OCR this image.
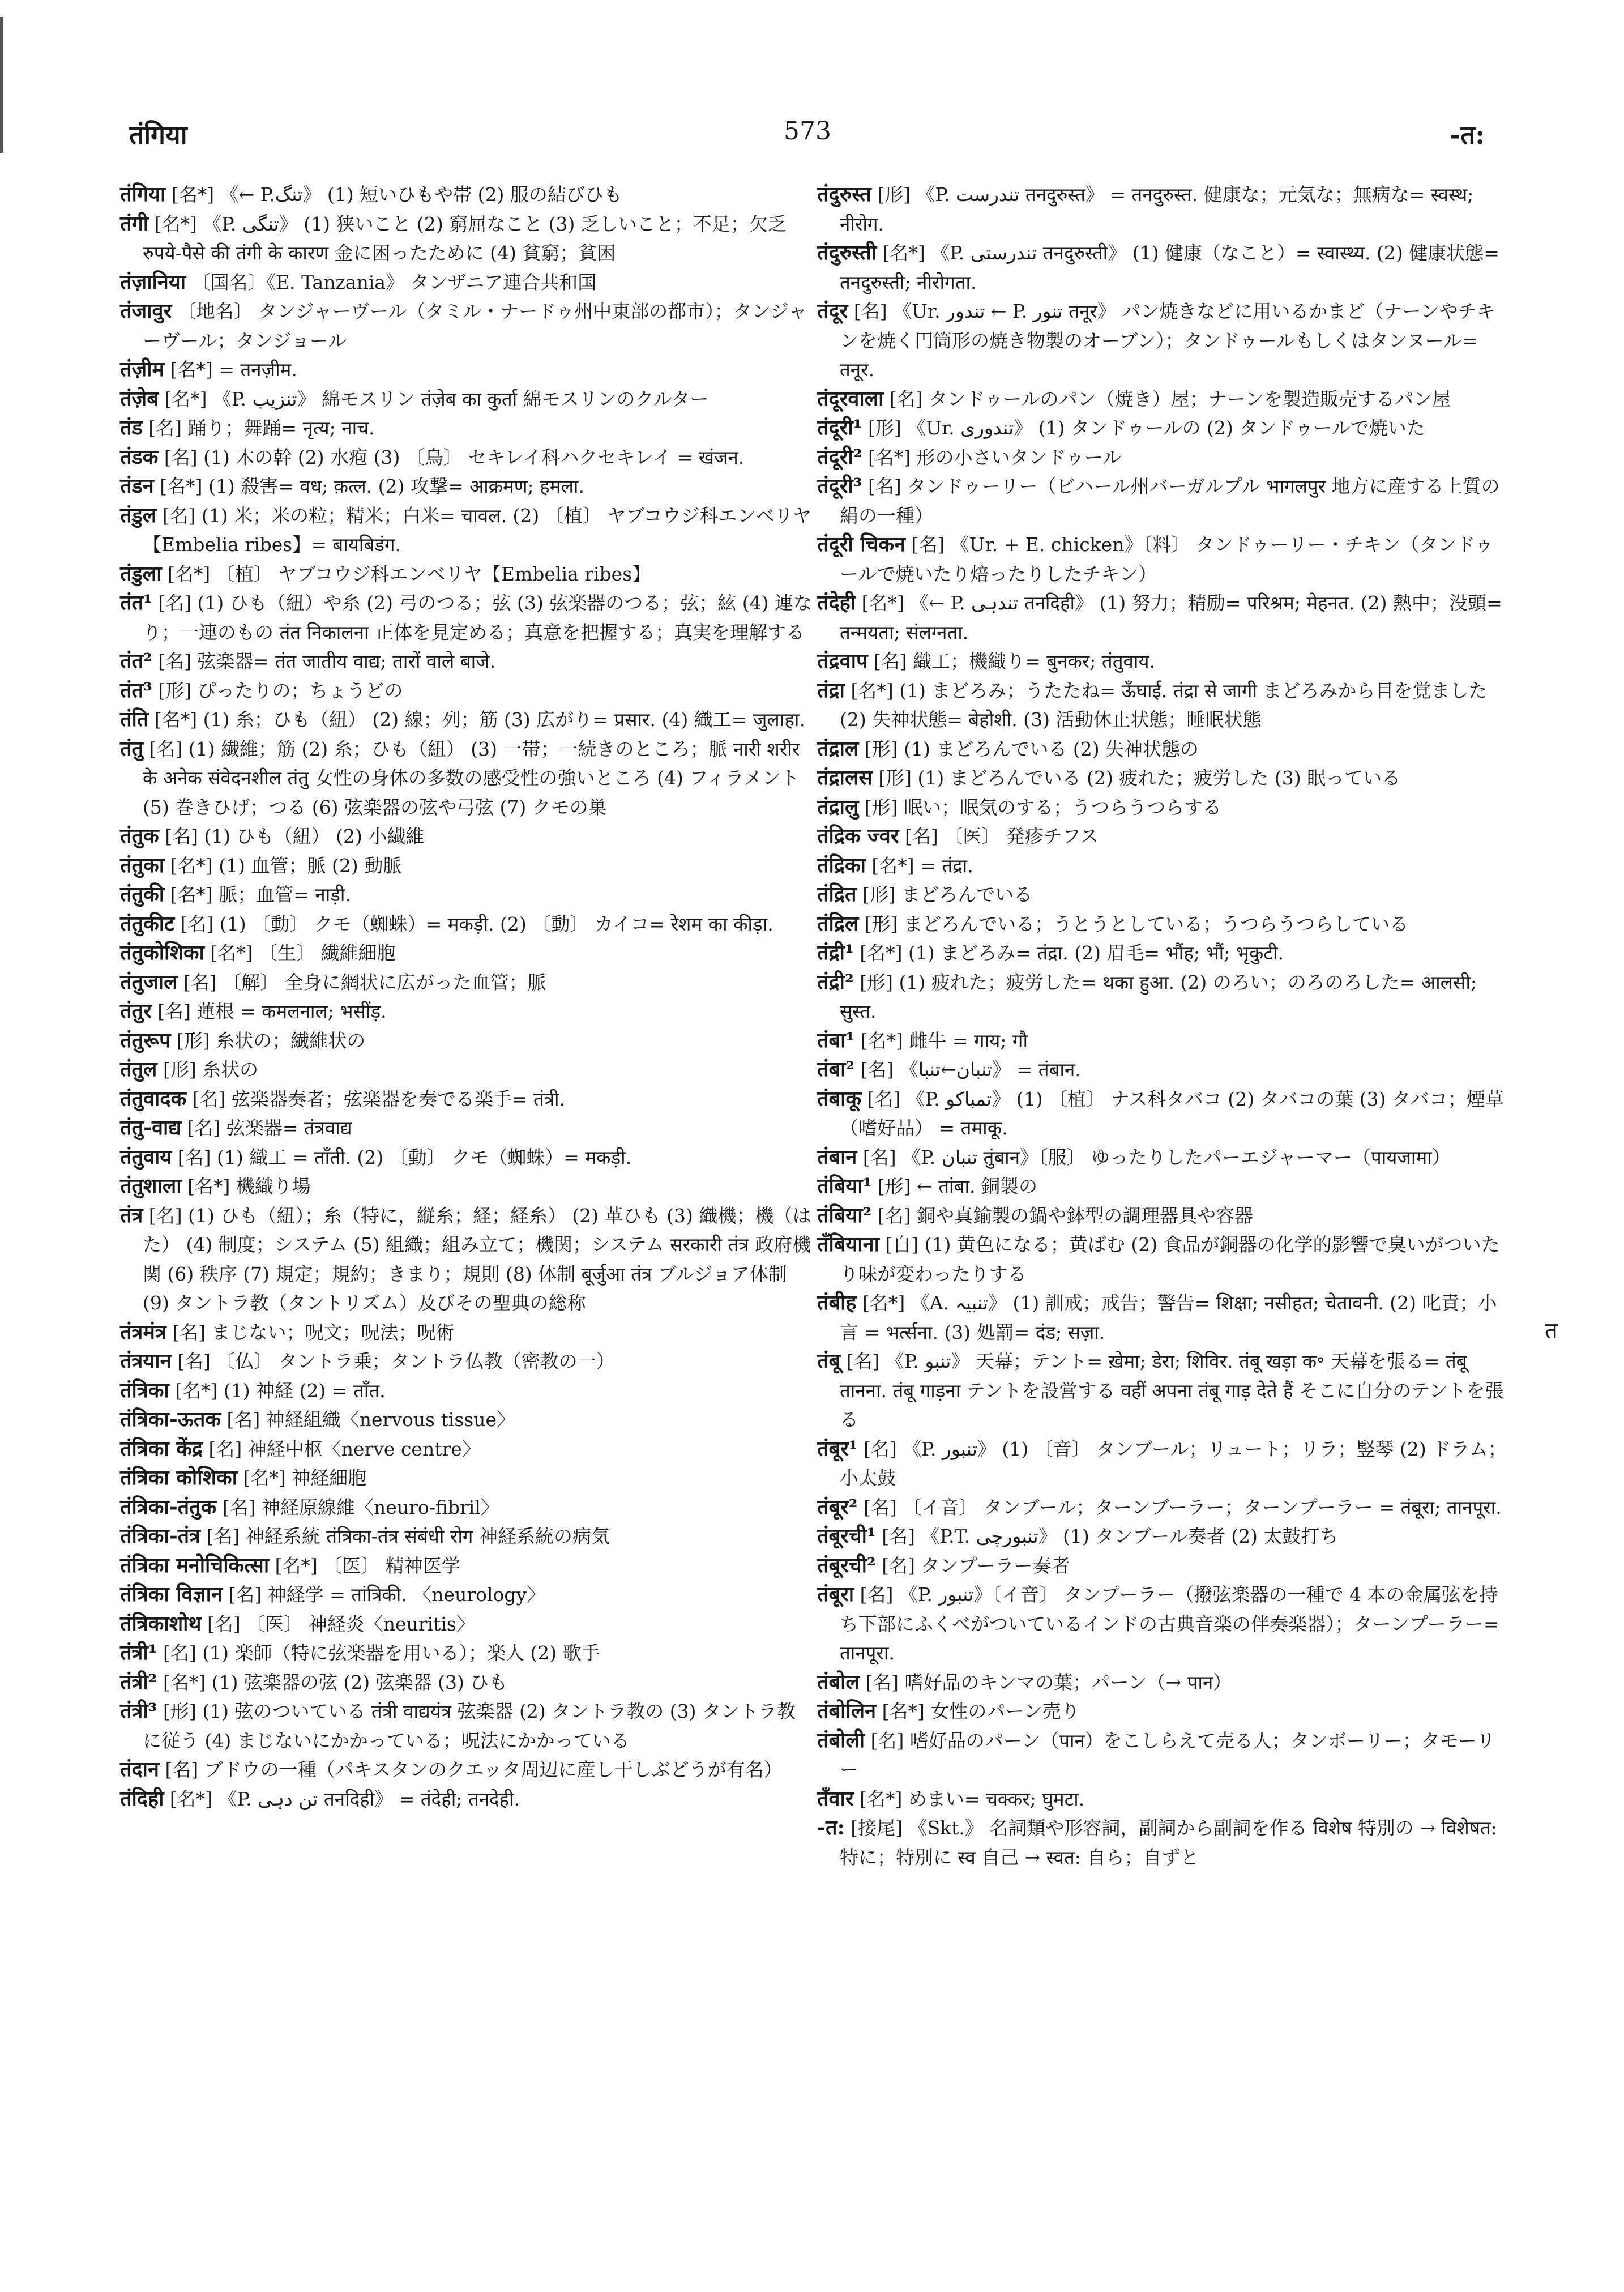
तंगिया	573	-त:

तंगिया [名*] 《← P.تنگ》 (1) 短いひもや帯 (2) 服の結びひも

तंगी [名*] 《P. تنگی》 (1) 狭いこと (2) 窮屈なこと (3) 乏しいこと；不足；欠乏 रुपये-पैसे की तंगी के कारण 金に困ったために (4) 貧窮；貧困

तंज़ानिया 〔国名〕《E. Tanzania》 タンザニア連合共和国

तंजावुर 〔地名〕 タンジャーヴール（タミル・ナードゥ州中東部の都市）；タンジャーヴール；タンジョール

तंज़ीम [名*] = तनज़ीम.

तंज़ेब [名*] 《P. تنزیب》 綿モスリン तंज़ेब का कुर्ता 綿モスリンのクルター

तंड [名] 踊り；舞踊= नृत्य; नाच.

तंडक [名] (1) 木の幹 (2) 水疱 (3) 〔鳥〕 セキレイ科ハクセキレイ = खंजन.

तंडन [名*] (1) 殺害= वध; क़त्ल. (2) 攻撃= आक्रमण; हमला.

तंडुल [名] (1) 米；米の粒；精米；白米= चावल. (2) 〔植〕 ヤブコウジ科エンベリヤ【Embelia ribes】= बायबिडंग.

तंडुला [名*] 〔植〕 ヤブコウジ科エンベリヤ【Embelia ribes】

तंत¹ [名] (1) ひも（紐）や糸 (2) 弓のつる；弦 (3) 弦楽器のつる；弦；絃 (4) 連なり；一連のもの तंत निकालना 正体を見定める；真意を把握する；真実を理解する

तंत² [名] 弦楽器= तंत जातीय वाद्य; तारों वाले बाजे.

तंत³ [形] ぴったりの；ちょうどの

तंति [名*] (1) 糸；ひも（紐） (2) 線；列；筋 (3) 広がり= प्रसार. (4) 織工= जुलाहा.

तंतु [名] (1) 繊維；筋 (2) 糸；ひも（紐） (3) 一帯；一続きのところ；脈 नारी शरीर के अनेक संवेदनशील तंतु 女性の身体の多数の感受性の強いところ (4) フィラメント (5) 巻きひげ；つる (6) 弦楽器の弦や弓弦 (7) クモの巣

तंतुक [名] (1) ひも（紐） (2) 小繊維

तंतुका [名*] (1) 血管；脈 (2) 動脈

तंतुकी [名*] 脈；血管= नाड़ी.

तंतुकीट [名] (1) 〔動〕 クモ（蜘蛛）= मकड़ी. (2) 〔動〕 カイコ= रेशम का कीड़ा.

तंतुकोशिका [名*] 〔生〕 繊維細胞

तंतुजाल [名] 〔解〕 全身に網状に広がった血管；脈

तंतुर [名] 蓮根 = कमलनाल; भसींड़.

तंतुरूप [形] 糸状の；繊維状の

तंतुल [形] 糸状の

तंतुवादक [名] 弦楽器奏者；弦楽器を奏でる楽手= तंत्री.

तंतु-वाद्य [名] 弦楽器= तंत्रवाद्य

तंतुवाय [名] (1) 織工 = ताँती. (2) 〔動〕 クモ（蜘蛛）= मकड़ी.

तंतुशाला [名*] 機織り場

तंत्र [名] (1) ひも（紐）；糸（特に，縦糸；経；経糸） (2) 革ひも (3) 織機；機（はた） (4) 制度；システム (5) 組織；組み立て；機関；システム सरकारी तंत्र 政府機関 (6) 秩序 (7) 規定；規約；きまり；規則 (8) 体制 बूर्जुआ तंत्र ブルジョア体制 (9) タントラ教（タントリズム）及びその聖典の総称

तंत्रमंत्र [名] まじない；呪文；呪法；呪術

तंत्रयान [名] 〔仏〕 タントラ乗；タントラ仏教（密教の一）

तंत्रिका [名*] (1) 神経 (2) = ताँत.

तंत्रिका-ऊतक [名] 神経組織〈nervous tissue〉

तंत्रिका केंद्र [名] 神経中枢〈nerve centre〉

तंत्रिका कोशिका [名*] 神経細胞

तंत्रिका-तंतुक [名] 神経原線維〈neuro-fibril〉

तंत्रिका-तंत्र [名] 神経系統 तंत्रिका-तंत्र संबंधी रोग 神経系統の病気

तंत्रिका मनोचिकित्सा [名*] 〔医〕 精神医学

तंत्रिका विज्ञान [名] 神経学 = तांत्रिकी. 〈neurology〉

तंत्रिकाशोथ [名] 〔医〕 神経炎〈neuritis〉

तंत्री¹ [名] (1) 楽師（特に弦楽器を用いる）；楽人 (2) 歌手

तंत्री² [名*] (1) 弦楽器の弦 (2) 弦楽器 (3) ひも

तंत्री³ [形] (1) 弦のついている तंत्री वाद्ययंत्र 弦楽器 (2) タントラ教の (3) タントラ教に従う (4) まじないにかかっている；呪法にかかっている

तंदान [名] ブドウの一種（パキスタンのクエッタ周辺に産し干しぶどうが有名）

तंदिही [名*] 《P. تن دہی तनदिही》 = तंदेही; तनदेही.

तंदुरुस्त [形] 《P. تندرست तनदुरुस्त》 = तनदुरुस्त. 健康な；元気な；無病な= स्वस्थ; नीरोग.

तंदुरुस्ती [名*] 《P. تندرستی तनदुरुस्ती》 (1) 健康（なこと）= स्वास्थ्य. (2) 健康状態= तनदुरुस्ती; नीरोगता.

तंदूर [名] 《Ur. تندور ← P. تنور तनूर》 パン焼きなどに用いるかまど（ナーンやチキンを焼く円筒形の焼き物製のオーブン）；タンドゥールもしくはタンヌール= तनूर.

तंदूरवाला [名] タンドゥールのパン（焼き）屋；ナーンを製造販売するパン屋

तंदूरी¹ [形] 《Ur. تندوری》 (1) タンドゥールの (2) タンドゥールで焼いた

तंदूरी² [名*] 形の小さいタンドゥール

तंदूरी³ [名] タンドゥーリー（ビハール州バーガルプル भागलपुर 地方に産する上質の絹の一種）

तंदूरी चिकन [名] 《Ur. + E. chicken》〔料〕 タンドゥーリー・チキン（タンドゥールで焼いたり焙ったりしたチキン）

तंदेही [名*] 《← P. تندہی तनदिही》 (1) 努力；精励= परिश्रम; मेहनत. (2) 熱中；没頭= तन्मयता; संलग्नता.

तंद्रवाप [名] 織工；機織り= बुनकर; तंतुवाय.

तंद्रा [名*] (1) まどろみ；うたたね= ऊँघाई. तंद्रा से जागी まどろみから目を覚ました (2) 失神状態= बेहोशी. (3) 活動休止状態；睡眠状態

तंद्राल [形] (1) まどろんでいる (2) 失神状態の

तंद्रालस [形] (1) まどろんでいる (2) 疲れた；疲労した (3) 眠っている

तंद्रालु [形] 眠い；眠気のする；うつらうつらする

तंद्रिक ज्वर [名] 〔医〕 発疹チフス

तंद्रिका [名*] = तंद्रा.

तंद्रित [形] まどろんでいる

तंद्रिल [形] まどろんでいる；うとうとしている；うつらうつらしている

तंद्री¹ [名*] (1) まどろみ= तंद्रा. (2) 眉毛= भौंह; भौं; भृकुटी.

तंद्री² [形] (1) 疲れた；疲労した= थका हुआ. (2) のろい；のろのろした= आलसी; सुस्त.

तंबा¹ [名*] 雌牛 = गाय; गौ

तंबा² [名] 《تنبان←تنبا》 = तंबान.

तंबाकू [名] 《P. تمباکو》 (1) 〔植〕 ナス科タバコ (2) タバコの葉 (3) タバコ；煙草（嗜好品） = तमाकू.

तंबान [名] 《P. تنبان तुंबान》〔服〕 ゆったりしたパーエジャーマー（पायजामा）

तंबिया¹ [形] ← तांबा. 銅製の

तंबिया² [名] 銅や真鍮製の鍋や鉢型の調理器具や容器

तँबियाना [自] (1) 黄色になる；黄ばむ (2) 食品が銅器の化学的影響で臭いがついたり味が変わったりする

तंबीह [名*] 《A. تنبیہ》 (1) 訓戒；戒告；警告= शिक्षा; नसीहत; चेतावनी. (2) 叱責；小言 = भर्त्सना. (3) 処罰= दंड; सज़ा.

तंबू [名] 《P. تنبو》 天幕；テント= ख़ेमा; डेरा; शिविर. तंबू खड़ा क॰ 天幕を張る= तंबू तानना. तंबू गाड़ना テントを設営する वहीं अपना तंबू गाड़ देते हैं そこに自分のテントを張る

तंबूर¹ [名] 《P. تنبور》 (1) 〔音〕 タンブール；リュート；リラ；竪琴 (2) ドラム；小太鼓

तंबूर² [名] 〔イ音〕 タンブール；ターンブーラー；ターンプーラー = तंबूरा; तानपूरा.

तंबूरची¹ [名] 《P.T. تنبورچی》 (1) タンブール奏者 (2) 太鼓打ち

तंबूरची² [名] タンプーラー奏者

तंबूरा [名] 《P. تنبور》〔イ音〕 タンプーラー（撥弦楽器の一種で 4 本の金属弦を持ち下部にふくべがついているインドの古典音楽の伴奏楽器）；ターンプーラー= तानपूरा.

तंबोल [名] 嗜好品のキンマの葉；パーン（→ पान）

तंबोलिन [名*] 女性のパーン売り

तंबोली [名] 嗜好品のパーン（पान）をこしらえて売る人；タンボーリー；タモーリー

तँवार [名*] めまい= चक्कर; घुमटा.

-त: [接尾] 《Skt.》 名詞類や形容詞，副詞から副詞を作る विशेष 特別の → विशेषत: 特に；特別に स्व 自己 → स्वत: 自ら；自ずと

त
